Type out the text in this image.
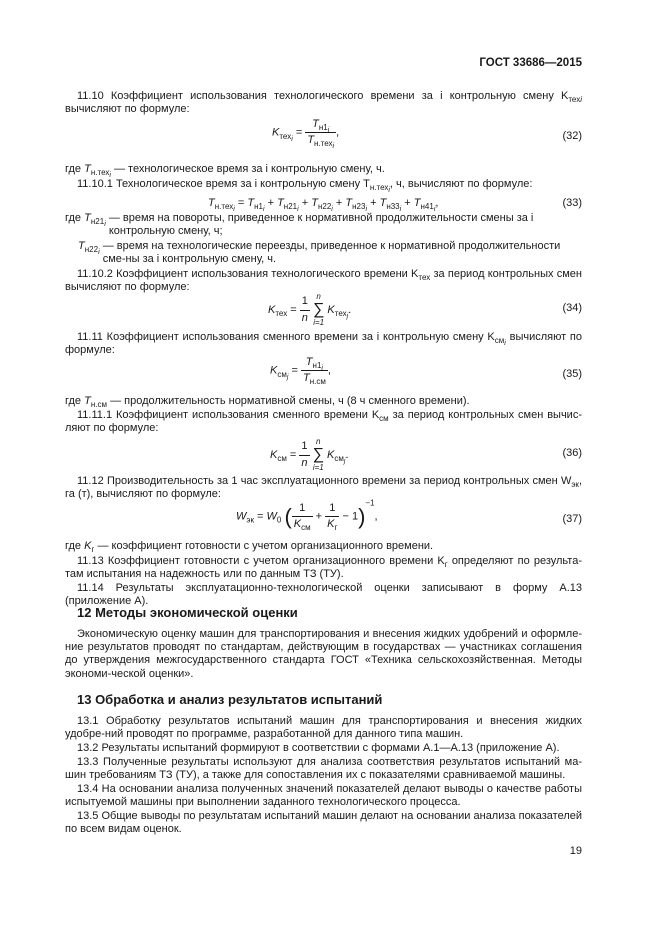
ГОСТ 33686—2015
11.10 Коэффициент использования технологического времени за i контрольную смену $K_{техi}$ вычисляют по формуле:
$K_{тех_i} = \frac{T_{н1_i}}{T_{н.тех_i}}$ ,	(32)
где $T_{н.тех_i}$ — технологическое время за i контрольную смену, ч.
11.10.1 Технологическое время за i контрольную смену $T_{н.тех_i}$, ч, вычисляют по формуле:
$T_{н.тех_i} = T_{н1_i} + T_{н21_i} + T_{н22_i} + T_{н23_i} + T_{н33_i} + T_{н41_i}$,	(33)
где $T_{н21_i}$
— время на повороты, приведенное к нормативной продолжительности смены за i контрольную смену, ч;
$T_{н22_i}$
— время на технологические переезды, приведенное к нормативной продолжительности сме-ны за i контрольную смену, ч.
11.10.2 Коэффициент использования технологического времени $K_{тех}$ за период контрольных смен вычисляют по формуле:
$K_{тех} = \frac{1}{n}$
n
∑
i=1
$K_{тех_j}$.	(34)
11.11 Коэффициент использования сменного времени за i контрольную смену $K_{см_i}$ вычисляют по формуле:
$K_{см_j} = \frac{T_{н1_i}}{T_{н.см}}$ ,	(35)
где $T_{н.см}$ — продолжительность нормативной смены, ч (8 ч сменного времени).
11.11.1 Коэффициент использования сменного времени $K_{см}$ за период контрольных смен вычис-ляют по формуле:
$K_{см} = \frac{1}{n}$
n
∑
i=1
$K_{см_j}$.	(36)
11.12 Производительность за 1 час эксплуатационного времени за период контрольных смен $W_{эк}$, га (т), вычисляют по формуле:
$W_{эк} = W_0$ ( $\frac{1}{K_{см}} + \frac{1}{K_г} - 1)^{-1}$,	(37)
где $K_г$ — коэффициент готовности с учетом организационного времени.
11.13 Коэффициент готовности с учетом организационного времени $K_г$ определяют по результа-там испытания на надежность или по данным ТЗ (ТУ).
11.14 Результаты эксплуатационно-технологической оценки записывают в форму А.13 (приложение А).
12 Методы экономической оценки
Экономическую оценку машин для транспортирования и внесения жидких удобрений и оформле-ние результатов проводят по стандартам, действующим в государствах — участниках соглашения до утверждения межгосударственного стандарта ГОСТ «Техника сельскохозяйственная. Методы экономи-ческой оценки».
13 Обработка и анализ результатов испытаний
13.1 Обработку результатов испытаний машин для транспортирования и внесения жидких удобре-ний проводят по программе, разработанной для данного типа машин.
13.2 Результаты испытаний формируют в соответствии с формами А.1—А.13 (приложение А).
13.3 Полученные результаты используют для анализа соответствия результатов испытаний ма-шин требованиям ТЗ (ТУ), а также для сопоставления их с показателями сравниваемой машины.
13.4 На основании анализа полученных значений показателей делают выводы о качестве работы испытуемой машины при выполнении заданного технологического процесса.
13.5 Общие выводы по результатам испытаний машин делают на основании анализа показателей по всем видам оценок.
19
